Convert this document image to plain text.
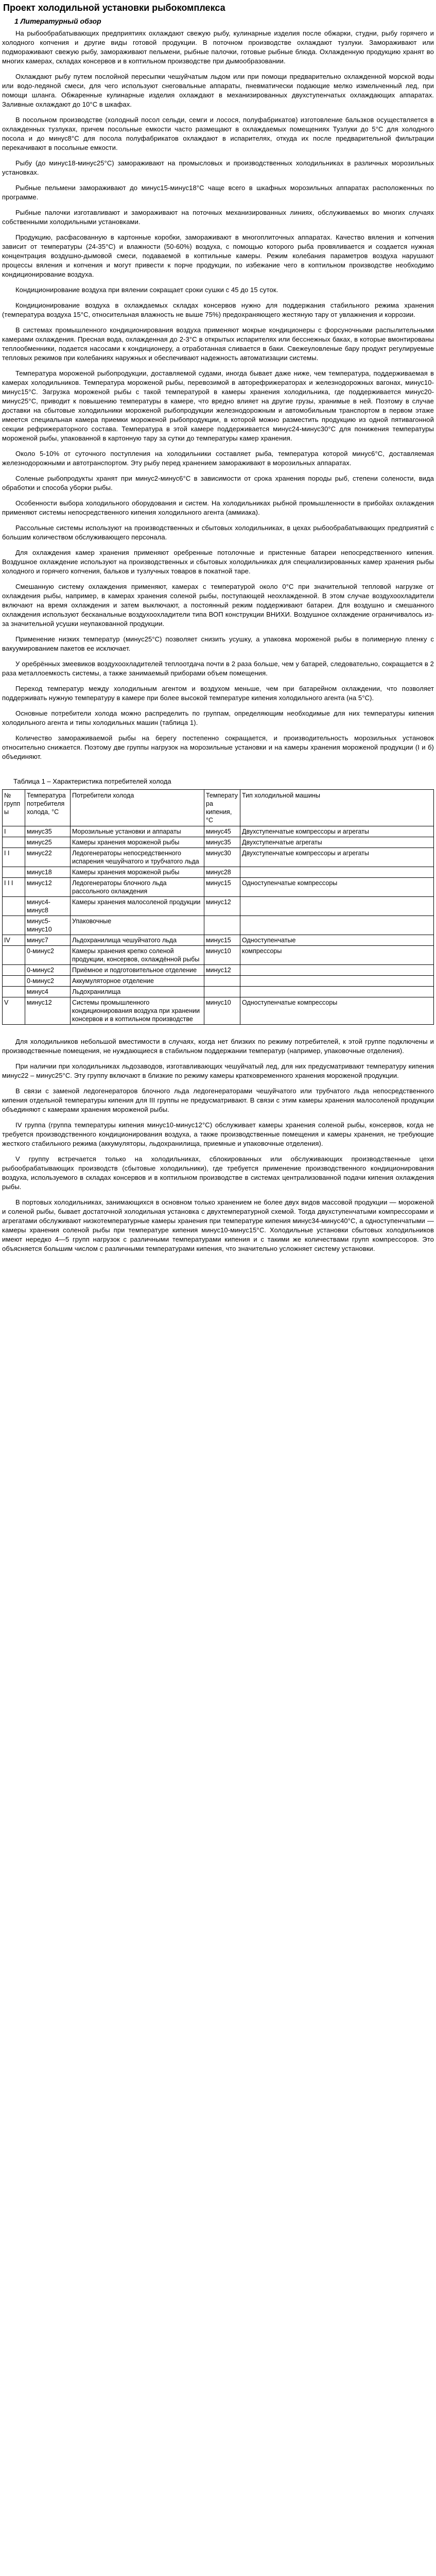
Проект холодильной установки рыбокомплекса
1 Литературный обзор

На рыбообрабатывающих предприятиях охлаждают свежую рыбу, кулинарные изделия после обжарки, студни, рыбу горячего и холодного копчения и другие виды готовой продукции. В поточном производстве охлаждают тузлуки. Замораживают или подмораживают свежую рыбу, замораживают пельмени, рыбные палочки, готовые рыбные блюда. Охлажденную продукцию хранят во многих камерах, складах консервов и в коптильном производстве при дымообразовании.

Охлаждают рыбу путем послойной пересыпки чешуйчатым льдом или при помощи предварительно охлажденной морской воды или водо-ледяной смеси, для чего используют снеговальные аппараты, пневматически подающие мелко измельченный лед, при помощи шланга. Обжаренные кулинарные изделия охлаждают в механизированных двухступенчатых охлаждающих аппаратах. Заливные охлаждают до 10°С в шкафах.

В посольном производстве (холодный посол сельди, семги и лосося, полуфабрикатов) изготовление бальзков осуществляется в охлажденных тузлуках, причем посольные емкости часто размещают в охлаждаемых помещениях Тузлуки до 5°С для холодного посола и до минус8°С для посола полуфабрикатов охлаждают в испарителях, откуда их после предварительной фильтрации перекачивают в посольные емкости.

Рыбу (до минус18-минус25°С) замораживают на промысловых и производственных холодильниках в различных морозильных установках.

Рыбные пельмени замораживают до минус15-минус18°С чаще всего в шкафных морозильных аппаратах расположенных по программе.

Рыбные палочки изготавливают и замораживают на поточных механизированных линиях, обслуживаемых во многих случаях собственными холодильными установками.

Продукцию, расфасованную в картонные коробки, замораживают в многоплиточных аппаратах. Качество вяления и копчения зависит от температуры (24-35°С) и влажности (50-60%) воздуха, с помощью которого рыба провяливается и создается нужная концентрация воздушно-дымовой смеси, подаваемой в коптильные камеры. Режим колебания параметров воздуха нарушают процессы вяления и копчения и могут привести к порче продукции, по избежание чего в коптильном производстве необходимо кондиционирование воздуха.

Кондиционирование воздуха при вялении сокращает сроки сушки с 45 до 15 суток.

Кондиционирование воздуха в охлаждаемых складах консервов нужно для поддержания стабильного режима хранения (температура воздуха 15°С, относительная влажность не выше 75%) предохраняющего жестяную тару от увлажнения и коррозии.

В системах промышленного кондиционирования воздуха применяют мокрые кондиционеры с форсуночными распылительными камерами охлаждения. Пресная вода, охлажденная до 2-3°С в открытых испарителях или бесснежных баках, в которые вмонтированы теплообменники, подается насосами к кондиционеру, а отработанная сливается в баки. Свежеуловленые бару продукт регулируемые тепловых режимов при колебаниях наружных и обеспечивают надежность автоматизации системы.

Температура мороженой рыбопродукции, доставляемой судами, иногда бывает даже ниже, чем температура, поддерживаемая в камерах холодильников. Температура мороженой рыбы, перевозимой в авторефрижераторах и железнодорожных вагонах, минус10-минус15°С. Загрузка мороженой рыбы с такой температурой в камеры хранения холодильника, где поддерживается минус20-минус25°С, приводит к повышению температуры в камере, что вредно влияет на другие грузы, хранимые в ней. Поэтому в случае доставки на сбытовые холодильники мороженой рыбопродукции железнодорожным и автомобильным транспортом в первом этаже имеется специальная камера приемки мороженой рыбопродукции, в которой можно разместить продукцию из одной пятивагонной секции рефрижераторного состава. Температура в этой камере поддерживается минус24-минус30°С для понижения температуры мороженой рыбы, упакованной в картонную тару за сутки до температуры камер хранения.

Около 5-10% от суточного поступления на холодильники составляет рыба, температура которой минус6°С, доставляемая железнодорожными и автотранспортом. Эту рыбу перед хранением замораживают в морозильных аппаратах.

Соленые рыбопродукты хранят при минус2-минус6°С в зависимости от срока хранения породы рыб, степени солености, вида обработки и способа уборки рыбы.

Особенности выбора холодильного оборудования и систем. На холодильниках рыбной промышленности в прибойах охлаждения применяют системы непосредственного кипения холодильного агента (аммиака).

Рассольные системы используют на производственных и сбытовых холодильниках, в цехах рыбообрабатывающих предприятий с большим количеством обслуживающего персонала.

Для охлаждения камер хранения применяют оребренные потолочные и пристенные батареи непосредственного кипения. Воздушное охлаждение используют на производственных и сбытовых холодильниках для специализированных камер хранения рыбы холодного и горячего копчения, бальков и тузлучных товаров в покатной таре.

Смешанную систему охлаждения применяют, камерах с температурой около 0°С при значительной тепловой нагрузке от охлаждения рыбы, например, в камерах хранения соленой рыбы, поступающей неохлажденной. В этом случае воздухоохладители включают на время охлаждения и затем выключают, а постоянный режим поддерживают батареи. Для воздушно и смешанного охлаждения используют бесканальные воздухоохладители типа ВОП конструкции ВНИХИ. Воздушное охлаждение ограничивалось из-за значительной усушки неупакованной продукции.

Применение низких температур (минус25°С) позволяет снизить усушку, а упаковка мороженой рыбы в полимерную пленку с вакуумированием пакетов ее исключает.

У оребрённых змеевиков воздухоохладителей теплоотдача почти в 2 раза больше, чем у батарей, следовательно, сокращается в 2 раза металлоемкость системы, а также занимаемый приборами объем помещения.

Переход температур между холодильным агентом и воздухом меньше, чем при батарейном охлаждении, что позволяет поддерживать нужную температуру в камере при более высокой температуре кипения холодильного агента (на 5°С).

Основные потребители холода можно распределить по группам, определяющим необходимые для них температуры кипения холодильного агента и типы холодильных машин (таблица 1).

Количество замораживаемой рыбы на берегу постепенно сокращается, и производительность морозильных установок относительно снижается. Поэтому две группы нагрузок на морозильные установки и на камеры хранения мороженой продукции (I и б) объединяют.

Таблица 1 – Характеристика потребителей холода
№ группы	Температура потребителя холода, °С	Потребители холода	Температура кипения, °С	Тип холодильной машины
I	минус35	Морозильные установки и аппараты	минус45	Двухступенчатые компрессоры и агрегаты
	минус25	Камеры хранения мороженой рыбы	минус35	Двухступенчатые агрегаты
I I	минус22	Ледогенераторы непосредственного испарения чешуйчатого и трубчатого льда	минус30	Двухступенчатые компрессоры и агрегаты
	минус18	Камеры хранения мороженой рыбы	минус28	
I I I	минус12	Ледогенераторы блочного льда рассольного охлаждения	минус15	Одноступенчатые компрессоры
	минус4-минус8	Камеры хранения малосоленой продукции	минус12	
	минус5-минус10	Упаковочные		
IV	минус7	Льдохранилища чешуйчатого льда	минус15	Одноступенчатые
	0-минус2	Камеры хранения крепко соленой продукции, консервов, охлаждённой рыбы	минус10	компрессоры
	0-минус2	Приёмное и подготовительное отделение	минус12	
	0-минус2	Аккумуляторное отделение		
	минус4	Льдохранилища		
V	минус12	Системы промышленного кондиционирования воздуха при хранении консервов и в коптильном производстве	минус10	Одноступенчатые компрессоры

Для холодильников небольшой вместимости в случаях, когда нет близких по режиму потребителей, к этой группе подключены и производственные помещения, не нуждающиеся в стабильном поддержании температур (например, упаковочные отделения).

При наличии при холодильниках льдозаводов, изготавливающих чешуйчатый лед, для них предусматривают температуру кипения минус22 – минус25°С. Эту группу включают в близкие по режиму камеры кратковременного хранения мороженой продукции.

В связи с заменой ледогенераторов блочного льда ледогенераторами чешуйчатого или трубчатого льда непосредственного кипения отдельной температуры кипения для III группы не предусматривают. В связи с этим камеры хранения малосоленой продукции объединяют с камерами хранения мороженой рыбы.

IV группа (группа температуры кипения минус10-минус12°С) обслуживает камеры хранения соленой рыбы, консервов, когда не требуется производственного кондиционирования воздуха, а также производственные помещения и камеры хранения, не требующие жесткого стабильного режима (аккумуляторы, льдохранилища, приемные и упаковочные отделения).

V группу встречается только на холодильниках, сблокированных или обслуживающих производственные цехи рыбообрабатывающих производств (сбытовые холодильники), где требуется применение производственного кондиционирования воздуха, используемого в складах консервов и в коптильном производстве в системах централизованной подачи кипения охлаждения рыбы.

В портовых холодильниках, занимающихся в основном только хранением не более двух видов массовой продукции — мороженой и соленой рыбы, бывает достаточной холодильная установка с двухтемпературной схемой. Тогда двухступенчатыми компрессорами и агрегатами обслуживают низкотемпературные камеры хранения при температуре кипения минус34-минус40°С, а одноступенчатыми — камеры хранения соленой рыбы при температуре кипения минус10-минус15°С. Холодильные установки сбытовых холодильников имеют нередко 4—5 групп нагрузок с различными температурами кипения и с такими же количествами групп компрессоров. Это объясняется большим числом с различными температурами кипения, что значительно усложняет систему установки.
